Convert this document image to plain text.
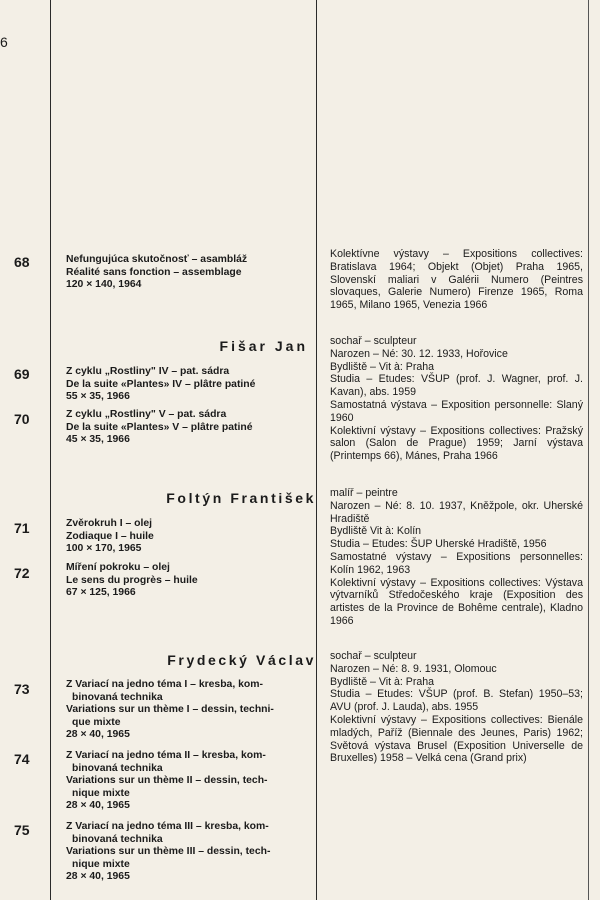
6
68
69
70
71
72
73
74
75
Nefungujúca skutočnosť – asambláž
Réalité sans fonction – assemblage
120 × 140, 1964
Fišar Jan
Z cyklu „Rostliny" IV – pat. sádra
De la suite «Plantes» IV – plâtre patiné
55 × 35, 1966
Z cyklu „Rostliny" V – pat. sádra
De la suite «Plantes» V – plâtre patiné
45 × 35, 1966
Foltýn František
Zvěrokruh I – olej
Zodiaque I – huile
100 × 170, 1965
Míření pokroku – olej
Le sens du progrès – huile
67 × 125, 1966
Frydecký Václav
Z Variací na jedno téma I – kresba, kom-
binovaná technika
Variations sur un thème I – dessin, techni-
que mixte
28 × 40, 1965
Z Variací na jedno téma II – kresba, kom-
binovaná technika
Variations sur un thème II – dessin, tech-
nique mixte
28 × 40, 1965
Z Variací na jedno téma III – kresba, kom-
binovaná technika
Variations sur un thème III – dessin, tech-
nique mixte
28 × 40, 1965
Kolektívne výstavy – Expositions collectives: Bratislava 1964; Objekt (Objet) Praha 1965, Slovenskí maliari v Galérii Numero (Peintres slovaques, Galerie Numero) Firenze 1965, Roma 1965, Milano 1965, Venezia 1966
sochař – sculpteur
Narozen – Né: 30. 12. 1933, Hořovice
Bydliště – Vit à: Praha
Studia – Etudes: VŠUP (prof. J. Wagner, prof. J. Kavan), abs. 1959
Samostatná výstava – Exposition personnelle: Slaný 1960
Kolektivní výstavy – Expositions collectives: Pražský salon (Salon de Prague) 1959; Jarní výstava (Printemps 66), Mánes, Praha 1966
malíř – peintre
Narozen – Né: 8. 10. 1937, Kněžpole, okr. Uherské Hradiště
Bydliště Vit à: Kolín
Studia – Etudes: ŠUP Uherské Hradiště, 1956
Samostatné výstavy – Expositions personnelles: Kolín 1962, 1963
Kolektivní výstavy – Expositions collectives: Výstava výtvarníků Středočeského kraje (Exposition des artistes de la Province de Bohême centrale), Kladno 1966
sochař – sculpteur
Narozen – Né: 8. 9. 1931, Olomouc
Bydliště – Vit à: Praha
Studia – Etudes: VŠUP (prof. B. Stefan) 1950–53; AVU (prof. J. Lauda), abs. 1955
Kolektivní výstavy – Expositions collectives: Bienále mladých, Paříž (Biennale des Jeunes, Paris) 1962; Světová výstava Brusel (Exposition Universelle de Bruxelles) 1958 – Velká cena (Grand prix)
